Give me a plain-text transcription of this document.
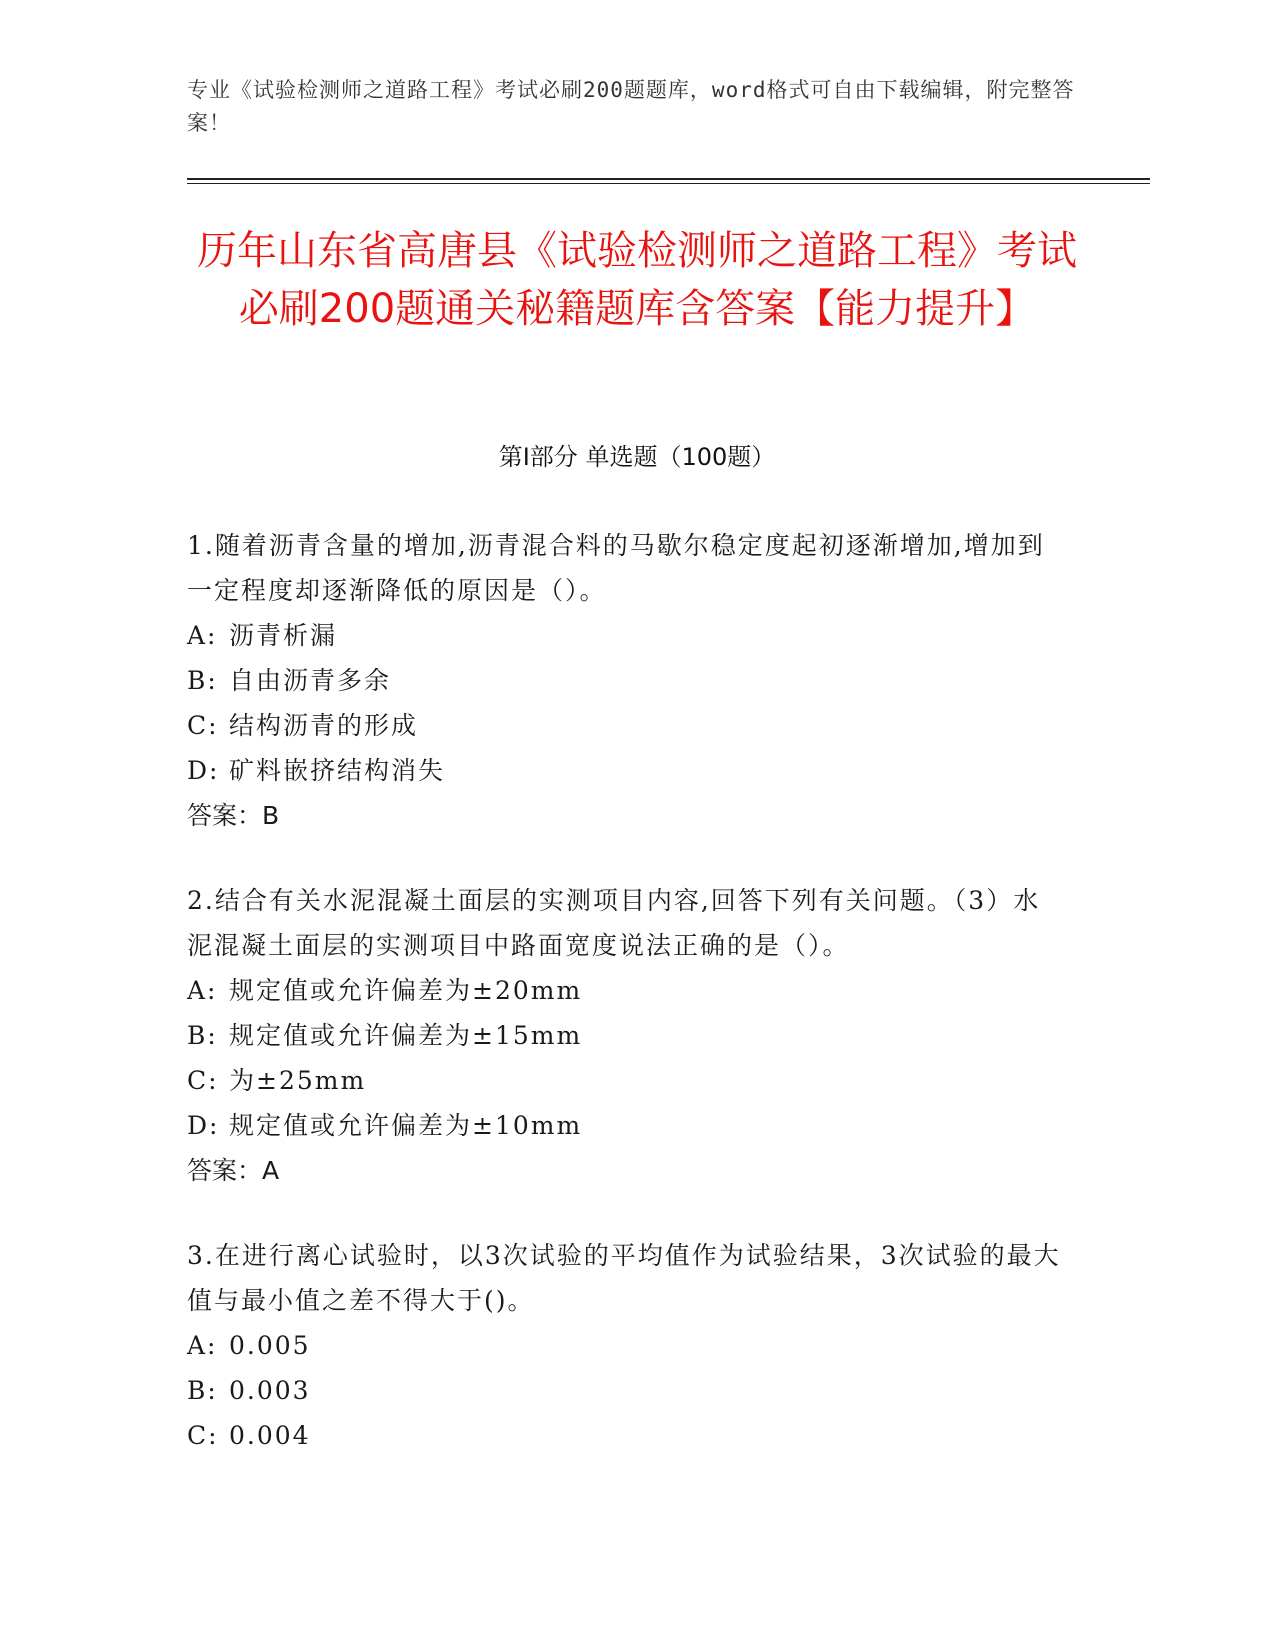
专业《试验检测师之道路工程》考试必刷200题题库，word格式可自由下载编辑，附完整答案！
历年山东省高唐县《试验检测师之道路工程》考试必刷200题通关秘籍题库含答案【能力提升】
第Ⅰ部分 单选题（100题）

1.随着沥青含量的增加,沥青混合料的马歇尔稳定度起初逐渐增加,增加到一定程度却逐渐降低的原因是（）。

A: 沥青析漏

B: 自由沥青多余

C: 结构沥青的形成

D: 矿料嵌挤结构消失

答案：B

2.结合有关水泥混凝土面层的实测项目内容,回答下列有关问题。（3）水泥混凝土面层的实测项目中路面宽度说法正确的是（）。

A: 规定值或允许偏差为±20mm

B: 规定值或允许偏差为±15mm

C: 为±25mm

D: 规定值或允许偏差为±10mm

答案：A

3.在进行离心试验时，以3次试验的平均值作为试验结果，3次试验的最大值与最小值之差不得大于()。

A: 0.005

B: 0.003

C: 0.004
